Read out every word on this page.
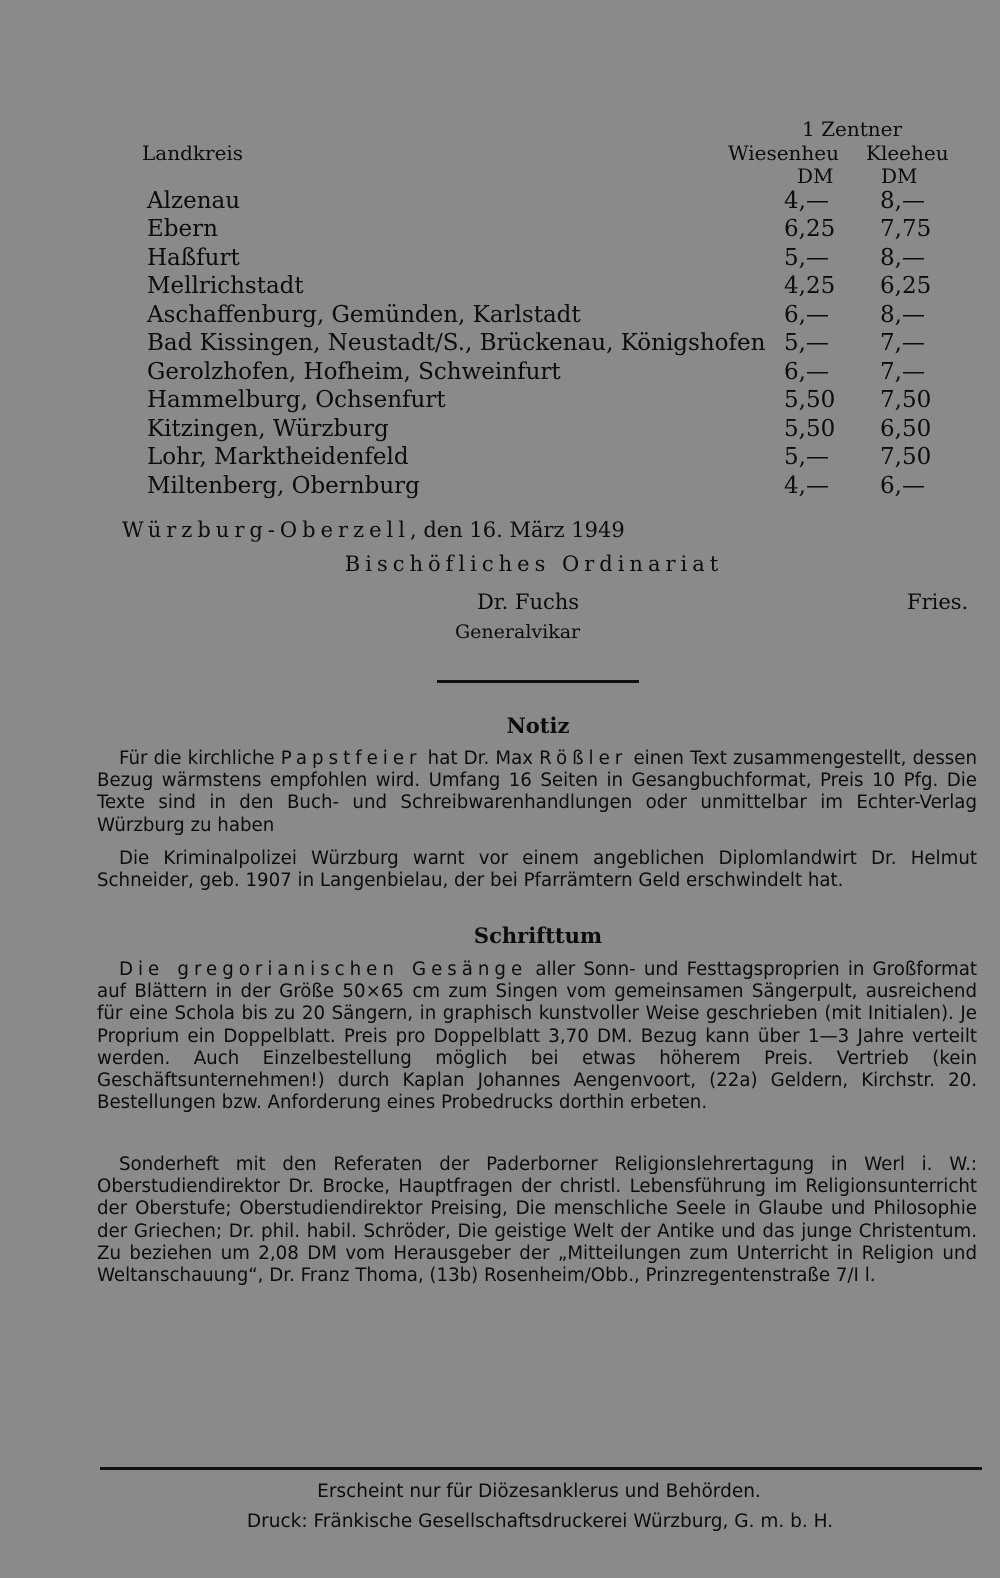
1 Zentner
Landkreis	Wiesenheu Kleeheu
DM DM
Alzenau	4,— 8,—
Ebern	6,25 7,75
Haßfurt	5,— 8,—
Mellrichstadt	4,25 6,25
Aschaffenburg, Gemünden, Karlstadt	6,— 8,—
Bad Kissingen, Neustadt/S., Brückenau, Königshofen 5,— 7,—
Gerolzhofen, Hofheim, Schweinfurt	6,— 7,—
Hammelburg, Ochsenfurt	5,50 7,50
Kitzingen, Würzburg	5,50 6,50
Lohr, Marktheidenfeld	5,— 7,50
Miltenberg, Obernburg	4,— 6,—
Würzburg-Oberzell, den 16. März 1949
Bischöfliches Ordinariat
Dr. Fuchs
Generalvikar
Fries.
Notiz

Für die kirchliche Papstfeier hat Dr. Max Rößler einen Text zusammengestellt, dessen Bezug wärmstens empfohlen wird. Umfang 16 Seiten in Gesangbuchformat, Preis 10 Pfg. Die Texte sind in den Buch- und Schreibwarenhandlungen oder unmittelbar im Echter-Verlag Würzburg zu haben

Die Kriminalpolizei Würzburg warnt vor einem angeblichen Diplomlandwirt Dr. Helmut Schneider, geb. 1907 in Langenbielau, der bei Pfarrämtern Geld erschwindelt hat.

Schrifttum

Die gregorianischen Gesänge aller Sonn- und Festtagspropriеn in Großformat auf Blättern in der Größe 50×65 cm zum Singen vom gemeinsamen Sängerpult, ausreichend für eine Schola bis zu 20 Sängern, in graphisch kunstvoller Weise geschrieben (mit Initialen). Je Proprium ein Doppelblatt. Preis pro Doppelblatt 3,70 DM. Bezug kann über 1—3 Jahre verteilt werden. Auch Einzelbestellung möglich bei etwas höherem Preis. Vertrieb (kein Geschäftsunternehmen!) durch Kaplan Johannes Aengenvoort, (22a) Geldern, Kirchstr. 20. Bestellungen bzw. Anforderung eines Probedrucks dorthin erbeten.

Sonderheft mit den Referaten der Paderborner Religionslehrertagung in Werl i. W.: Oberstudiendirektor Dr. Brocke, Hauptfragen der christl. Lebensführung im Religionsunterricht der Oberstufe; Oberstudiendirektor Preising, Die menschliche Seele in Glaube und Philosophie der Griechen; Dr. phil. habil. Schröder, Die geistige Welt der Antike und das junge Christentum. Zu beziehen um 2,08 DM vom Herausgeber der „Mitteilungen zum Unterricht in Religion und Weltanschauung“, Dr. Franz Thoma, (13b) Rosenheim/Obb., Prinzregentenstraße 7/I l.

Erscheint nur für Diözesanklerus und Behörden.
Druck: Fränkische Gesellschaftsdruckerei Würzburg, G. m. b. H.
